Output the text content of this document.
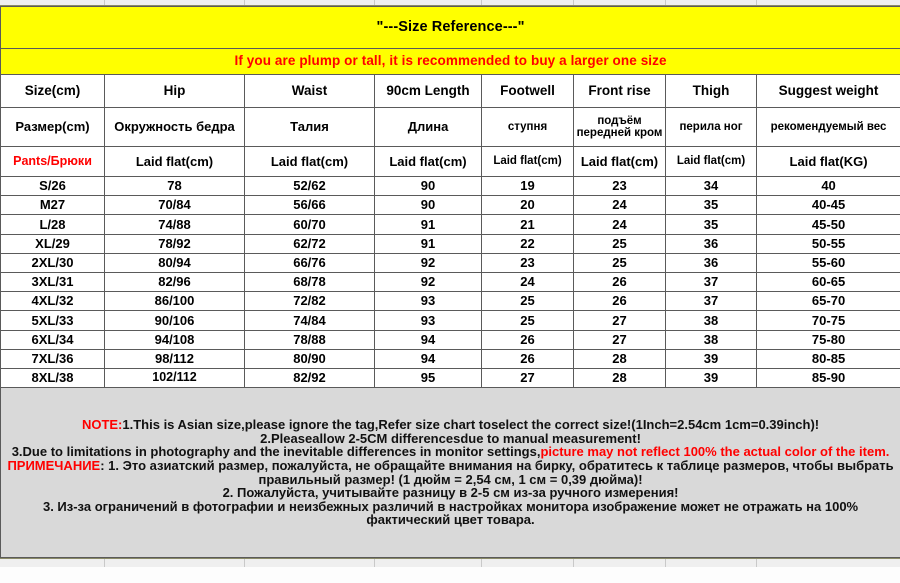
"---Size Reference---"							
If you are plump or tall, it is recommended to buy a larger one size							
Size(cm)	Hip	Waist	90cm Length	Footwell	Front rise	Thigh	Suggest weight
Размер(cm)	Окружность бедра	Талия	Длина	ступня	подъём передней кром	перила ног	рекомендуемый вес
Pants/Брюки	Laid flat(cm)	Laid flat(cm)	Laid flat(cm)	Laid flat(cm)	Laid flat(cm)	Laid flat(cm)	Laid flat(KG)
S/26	78	52/62	90	19	23	34	40
M27	70/84	56/66	90	20	24	35	40-45
L/28	74/88	60/70	91	21	24	35	45-50
XL/29	78/92	62/72	91	22	25	36	50-55
2XL/30	80/94	66/76	92	23	25	36	55-60
3XL/31	82/96	68/78	92	24	26	37	60-65
4XL/32	86/100	72/82	93	25	26	37	65-70
5XL/33	90/106	74/84	93	25	27	38	70-75
6XL/34	94/108	78/88	94	26	27	38	75-80
7XL/36	98/112	80/90	94	26	28	39	80-85
8XL/38	102/112	82/92	95	27	28	39	85-90

NOTE:1.This is Asian size,please ignore the tag,Refer size chart toselect the correct size!(1Inch=2.54cm 1cm=0.39inch)!

2.Pleaseallow 2-5CM differencesdue to manual measurement!

3.Due to limitations in photography and the inevitable differences in monitor settings,picture may not reflect 100% the actual color of the item.

ПРИМЕЧАНИЕ: 1. Это азиатский размер, пожалуйста, не обращайте внимания на бирку, обратитесь к таблице размеров, чтобы выбрать правильный размер! (1 дюйм = 2,54 см, 1 см = 0,39 дюйма)!

2. Пожалуйста, учитывайте разницу в 2-5 см из-за ручного измерения!

3. Из-за ограничений в фотографии и неизбежных различий в настройках монитора изображение может не отражать на 100% фактический цвет товара.
